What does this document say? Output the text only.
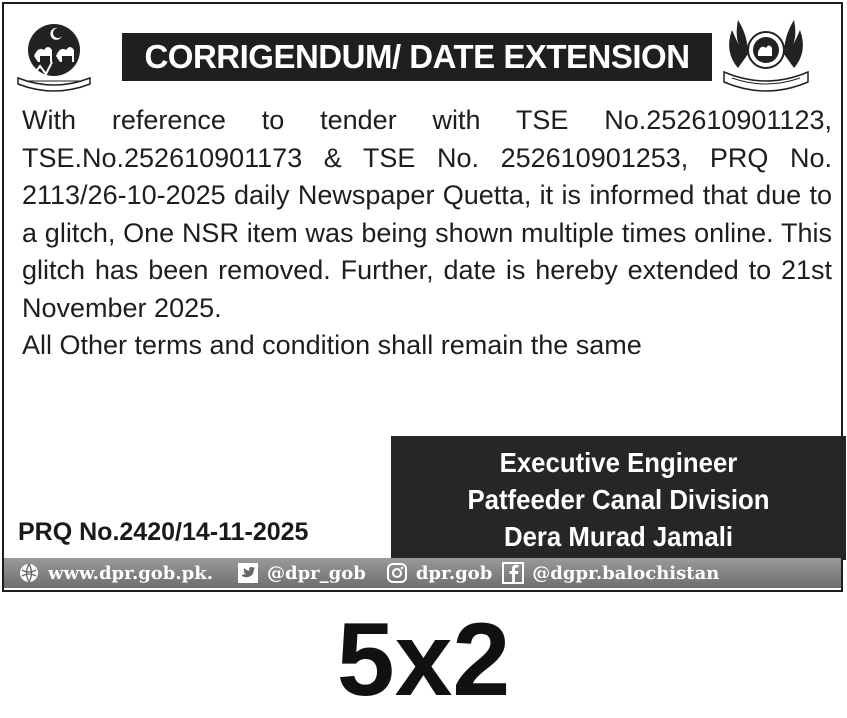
CORRIGENDUM/ DATE EXTENSION

With reference to tender with TSE No.252610901123, TSE.No.252610901173 & TSE No. 252610901253, PRQ No. 2113/26-10-2025 daily Newspaper Quetta, it is informed that due to a glitch, One NSR item was being shown multiple times online. This glitch has been removed. Further, date is hereby extended to 21st November 2025.

All Other terms and condition shall remain the same

Executive Engineer
Patfeeder Canal Division
Dera Murad Jamali
PRQ No.2420/14-11-2025
www.dpr.gob.pk.	@dpr_gob	dpr.gob @dgpr.balochistan
5x2
